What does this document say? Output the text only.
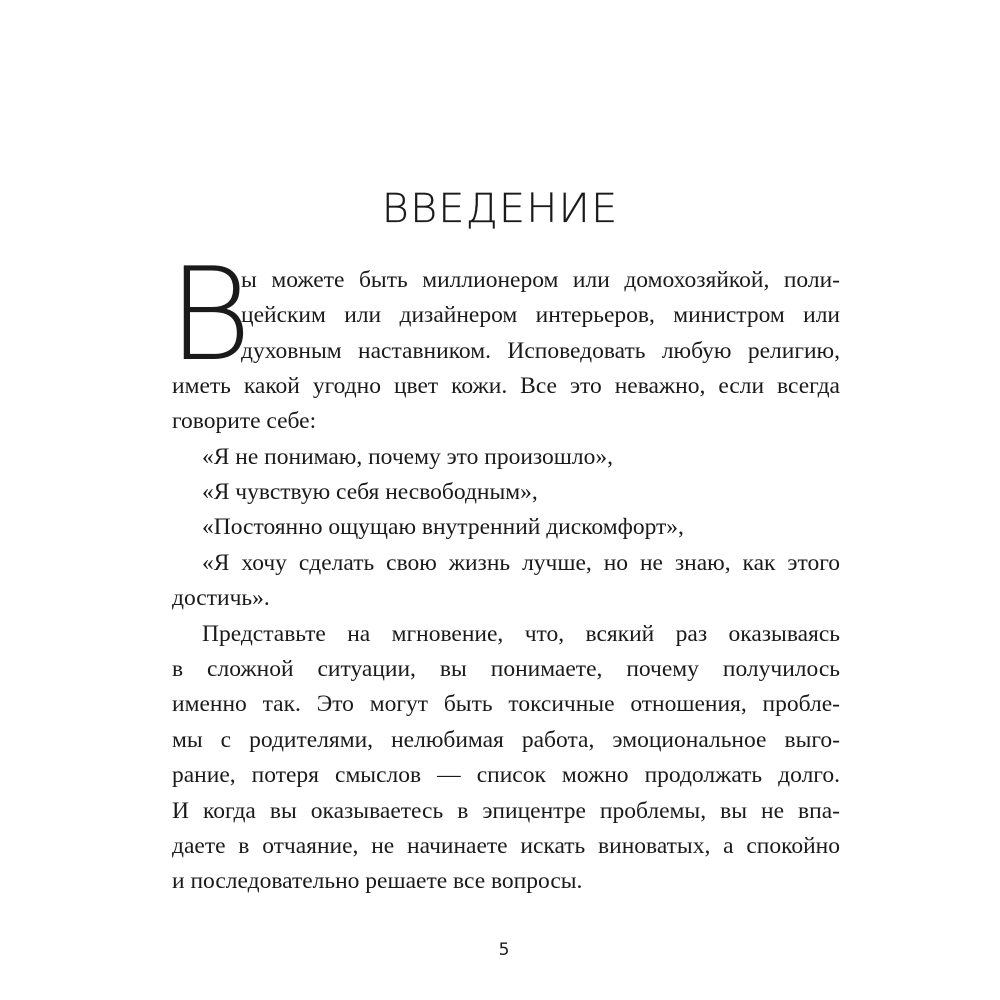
ВВЕДЕНИЕ
В

ы можете быть миллионером или домохозяйкой, поли-

цейским или дизайнером интерьеров, министром или

духовным наставником. Исповедовать любую религию,

иметь какой угодно цвет кожи. Все это неважно, если всегда

говорите себе:

«Я не понимаю, почему это произошло»,

«Я чувствую себя несвободным»,

«Постоянно ощущаю внутренний дискомфорт»,

«Я хочу сделать свою жизнь лучше, но не знаю, как этого

достичь».

Представьте на мгновение, что, всякий раз оказываясь

в сложной ситуации, вы понимаете, почему получилось

именно так. Это могут быть токсичные отношения, пробле-

мы с родителями, нелюбимая работа, эмоциональное выго-

рание, потеря смыслов — список можно продолжать долго.

И когда вы оказываетесь в эпицентре проблемы, вы не впа-

даете в отчаяние, не начинаете искать виноватых, а спокойно

и последовательно решаете все вопросы.

5
